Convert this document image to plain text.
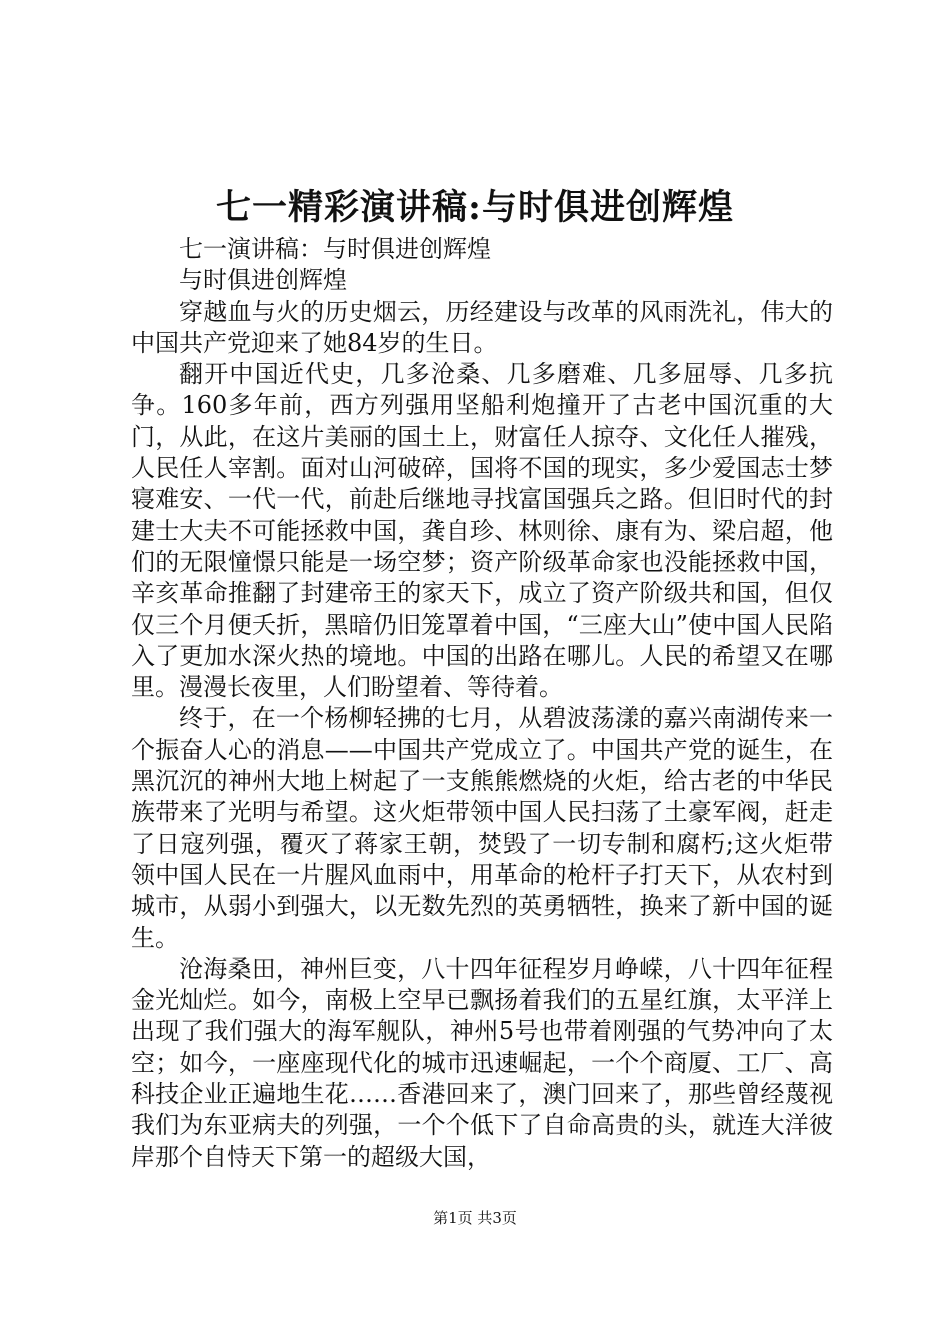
七一精彩演讲稿:与时俱进创辉煌

七一演讲稿：与时俱进创辉煌

与时俱进创辉煌

穿越血与火的历史烟云，历经建设与改革的风雨洗礼，伟大的中国共产党迎来了她84岁的生日。

翻开中国近代史，几多沧桑、几多磨难、几多屈辱、几多抗争。160多年前，西方列强用坚船利炮撞开了古老中国沉重的大门，从此，在这片美丽的国土上，财富任人掠夺、文化任人摧残，人民任人宰割。面对山河破碎，国将不国的现实，多少爱国志士梦寝难安、一代一代，前赴后继地寻找富国强兵之路。但旧时代的封建士大夫不可能拯救中国，龚自珍、林则徐、康有为、梁启超，他们的无限憧憬只能是一场空梦；资产阶级革命家也没能拯救中国，辛亥革命推翻了封建帝王的家天下，成立了资产阶级共和国，但仅仅三个月便夭折，黑暗仍旧笼罩着中国，“三座大山”使中国人民陷入了更加水深火热的境地。中国的出路在哪儿。人民的希望又在哪里。漫漫长夜里，人们盼望着、等待着。

终于，在一个杨柳轻拂的七月，从碧波荡漾的嘉兴南湖传来一个振奋人心的消息——中国共产党成立了。中国共产党的诞生，在黑沉沉的神州大地上树起了一支熊熊燃烧的火炬，给古老的中华民族带来了光明与希望。这火炬带领中国人民扫荡了土豪军阀，赶走了日寇列强，覆灭了蒋家王朝，焚毁了一切专制和腐朽;这火炬带领中国人民在一片腥风血雨中，用革命的枪杆子打天下，从农村到城市，从弱小到强大，以无数先烈的英勇牺牲，换来了新中国的诞生。

沧海桑田，神州巨变，八十四年征程岁月峥嵘，八十四年征程金光灿烂。如今，南极上空早已飘扬着我们的五星红旗，太平洋上出现了我们强大的海军舰队，神州5号也带着刚强的气势冲向了太空；如今，一座座现代化的城市迅速崛起，一个个商厦、工厂、高科技企业正遍地生花……香港回来了，澳门回来了，那些曾经蔑视我们为东亚病夫的列强，一个个低下了自命高贵的头，就连大洋彼岸那个自恃天下第一的超级大国，

第1页 共3页
